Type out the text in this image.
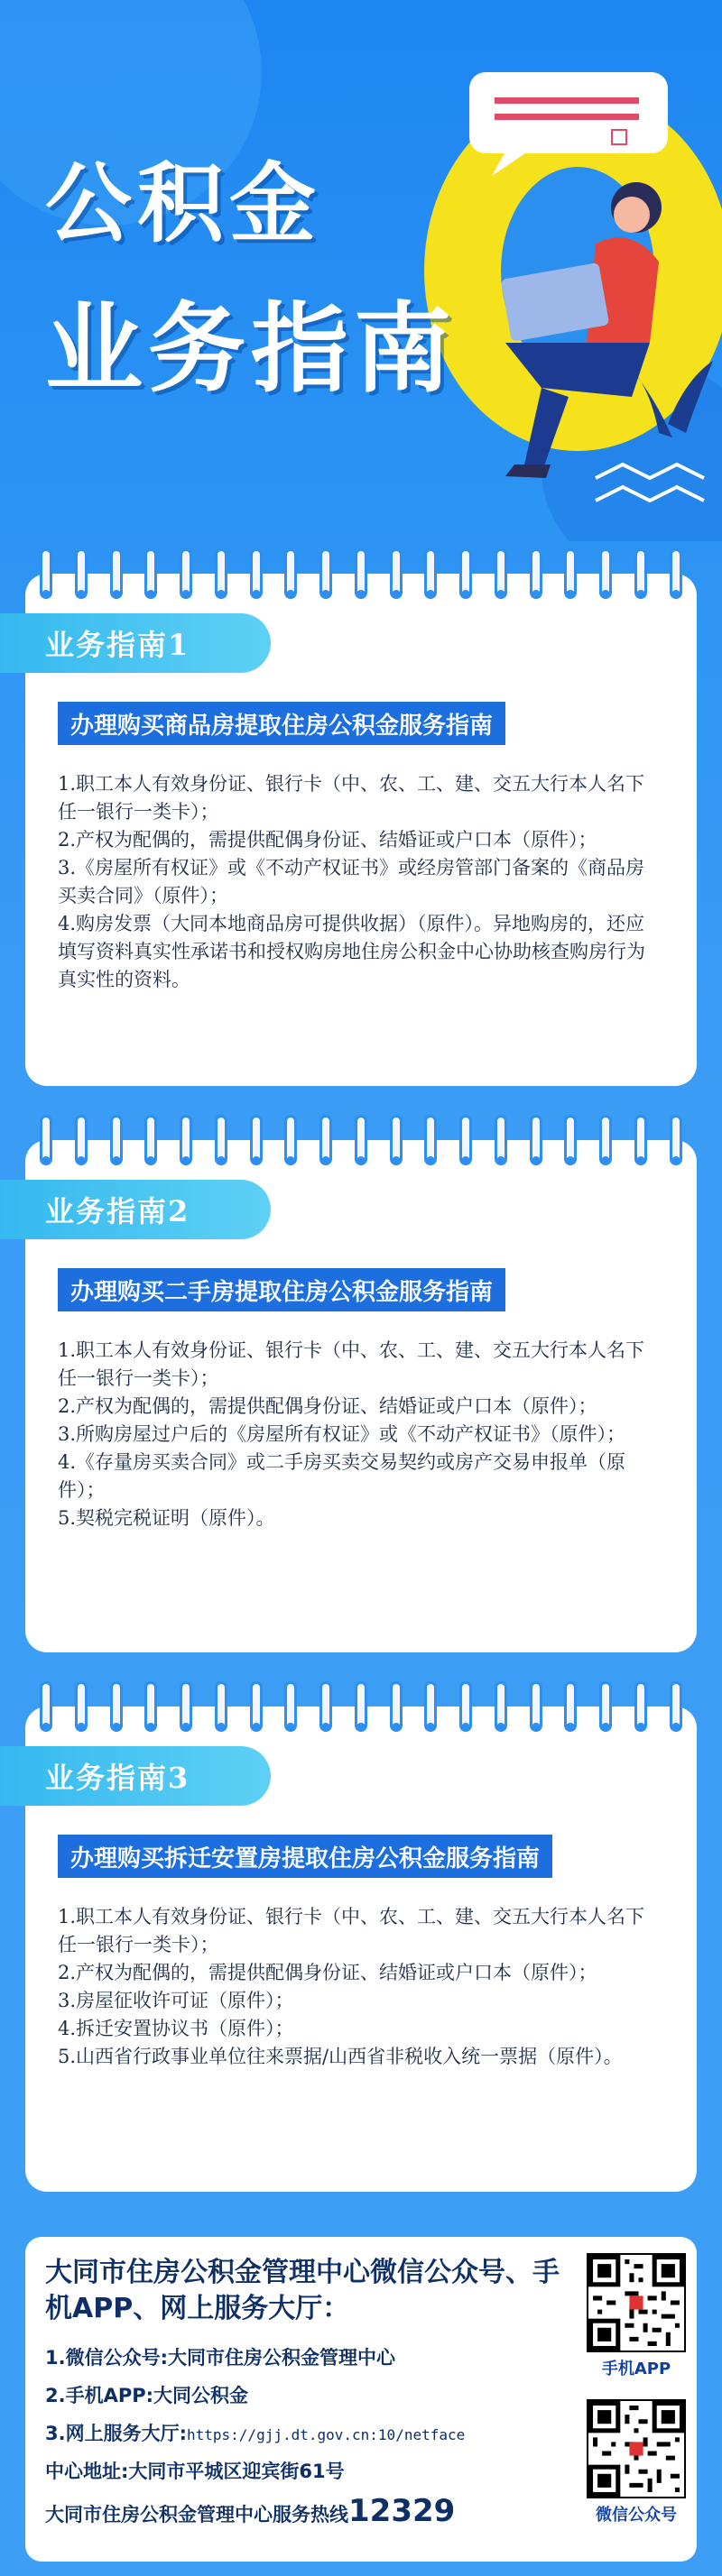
公积金
业务指南
业务指南1
办理购买商品房提取住房公积金服务指南
1.职工本人有效身份证、银行卡（中、农、工、建、交五大行本人名下任一银行一类卡）；
2.产权为配偶的，需提供配偶身份证、结婚证或户口本（原件）；
3.《房屋所有权证》或《不动产权证书》或经房管部门备案的《商品房买卖合同》（原件）；
4.购房发票（大同本地商品房可提供收据）（原件）。异地购房的，还应填写资料真实性承诺书和授权购房地住房公积金中心协助核查购房行为真实性的资料。
业务指南2
办理购买二手房提取住房公积金服务指南
1.职工本人有效身份证、银行卡（中、农、工、建、交五大行本人名下任一银行一类卡）；
2.产权为配偶的，需提供配偶身份证、结婚证或户口本（原件）；
3.所购房屋过户后的《房屋所有权证》或《不动产权证书》（原件）；
4.《存量房买卖合同》或二手房买卖交易契约或房产交易申报单（原件）；
5.契税完税证明（原件）。
业务指南3
办理购买拆迁安置房提取住房公积金服务指南
1.职工本人有效身份证、银行卡（中、农、工、建、交五大行本人名下任一银行一类卡）；
2.产权为配偶的，需提供配偶身份证、结婚证或户口本（原件）；
3.房屋征收许可证（原件）；
4.拆迁安置协议书（原件）；
5.山西省行政事业单位往来票据/山西省非税收入统一票据（原件）。
大同市住房公积金管理中心微信公众号、手机APP、网上服务大厅：
1.微信公众号:大同市住房公积金管理中心
2.手机APP:大同公积金
3.网上服务大厅:https://gjj.dt.gov.cn:10/netface
中心地址:大同市平城区迎宾街61号
大同市住房公积金管理中心服务热线12329
手机APP
微信公众号
